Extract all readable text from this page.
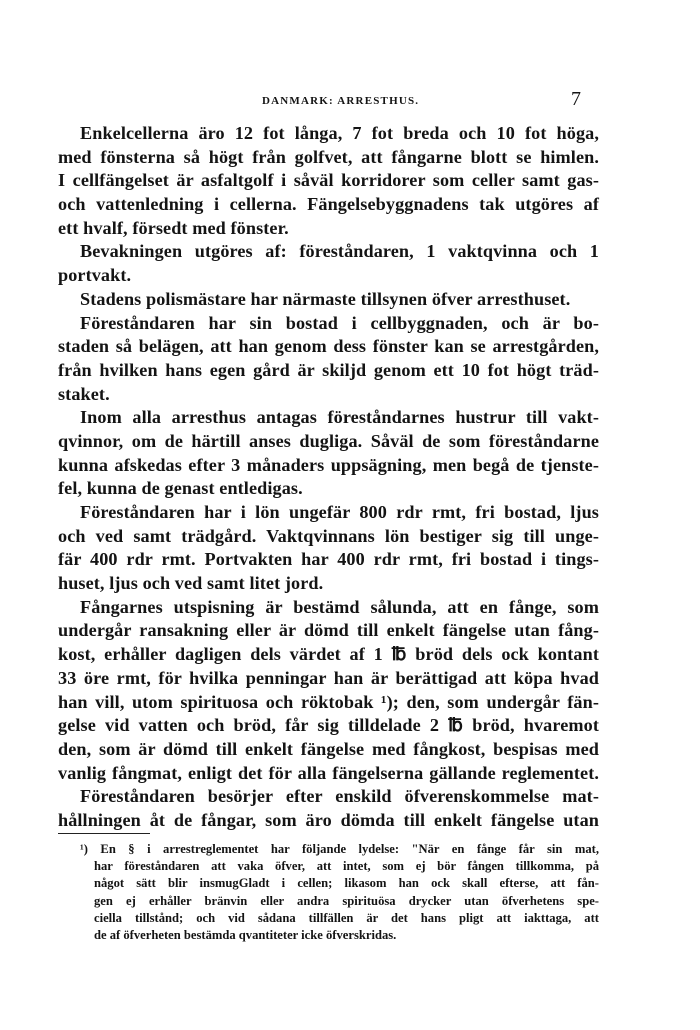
DANMARK: ARRESTHUS.	7
Enkelcellerna äro 12 fot långa, 7 fot breda och 10 fot höga,
med fönsterna så högt från golfvet, att fångarne blott se himlen.
I cellfängelset är asfaltgolf i såväl korridorer som celler samt gas-
och vattenledning i cellerna. Fängelsebyggnadens tak utgöres af
ett hvalf, försedt med fönster.
Bevakningen utgöres af: föreståndaren, 1 vaktqvinna och 1
portvakt.
Stadens polismästare har närmaste tillsynen öfver arresthuset.
Föreståndaren har sin bostad i cellbyggnaden, och är bo-
staden så belägen, att han genom dess fönster kan se arrestgården,
från hvilken hans egen gård är skiljd genom ett 10 fot högt träd-
staket.
Inom alla arresthus antagas föreståndarnes hustrur till vakt-
qvinnor, om de härtill anses dugliga. Såväl de som föreståndarne
kunna afskedas efter 3 månaders uppsägning, men begå de tjenste-
fel, kunna de genast entledigas.
Föreståndaren har i lön ungefär 800 rdr rmt, fri bostad, ljus
och ved samt trädgård. Vaktqvinnans lön bestiger sig till unge-
fär 400 rdr rmt. Portvakten har 400 rdr rmt, fri bostad i tings-
huset, ljus och ved samt litet jord.
Fångarnes utspisning är bestämd sålunda, att en fånge, som
undergår ransakning eller är dömd till enkelt fängelse utan fång-
kost, erhåller dagligen dels värdet af 1 ℔ bröd dels ock kontant
33 öre rmt, för hvilka penningar han är berättigad att köpa hvad
han vill, utom spirituosa och röktobak ¹); den, som undergår fän-
gelse vid vatten och bröd, får sig tilldelade 2 ℔ bröd, hvaremot
den, som är dömd till enkelt fängelse med fångkost, bespisas med
vanlig fångmat, enligt det för alla fängelserna gällande reglementet.
Föreståndaren besörjer efter enskild öfverenskommelse mat-
hållningen åt de fångar, som äro dömda till enkelt fängelse utan
¹) En § i arrestreglementet har följande lydelse: "När en fånge får sin mat,
har föreståndaren att vaka öfver, att intet, som ej bör fången tillkomma, på
något sätt blir insmugGladt i cellen; likasom han ock skall efterse, att fån-
gen ej erhåller bränvin eller andra spirituösa drycker utan öfverhetens spe-
ciella tillstånd; och vid sådana tillfällen är det hans pligt att iakttaga, att
de af öfverheten bestämda qvantiteter icke öfverskridas.
